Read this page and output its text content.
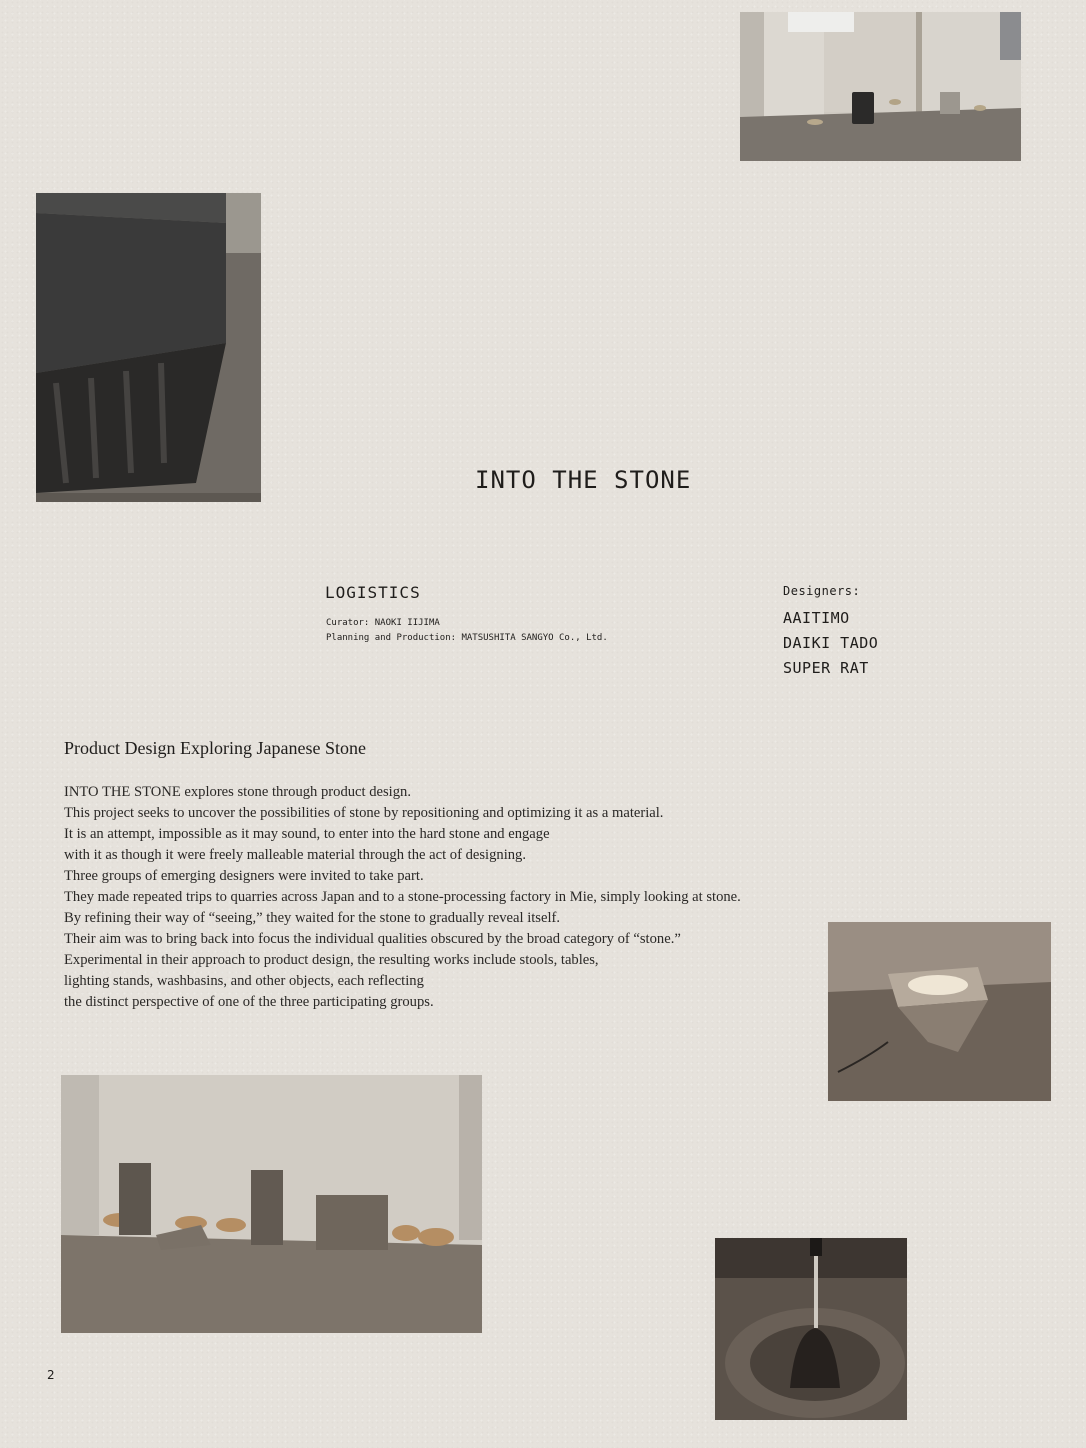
INTO THE STONE
LOGISTICS
Curator: NAOKI IIJIMA
Planning and Production: MATSUSHITA SANGYO Co., Ltd.
Designers:
AAITIMO
DAIKI TADO
SUPER RAT
Product Design Exploring Japanese Stone
INTO THE STONE explores stone through product design.
This project seeks to uncover the possibilities of stone by repositioning and optimizing it as a material.
It is an attempt, impossible as it may sound, to enter into the hard stone and engage
with it as though it were freely malleable material through the act of designing.
Three groups of emerging designers were invited to take part.
They made repeated trips to quarries across Japan and to a stone-processing factory in Mie, simply looking at stone.
By refining their way of “seeing,” they waited for the stone to gradually reveal itself.
Their aim was to bring back into focus the individual qualities obscured by the broad category of “stone.”
Experimental in their approach to product design, the resulting works include stools, tables,
lighting stands, washbasins, and other objects, each reflecting
the distinct perspective of one of the three participating groups.
2
